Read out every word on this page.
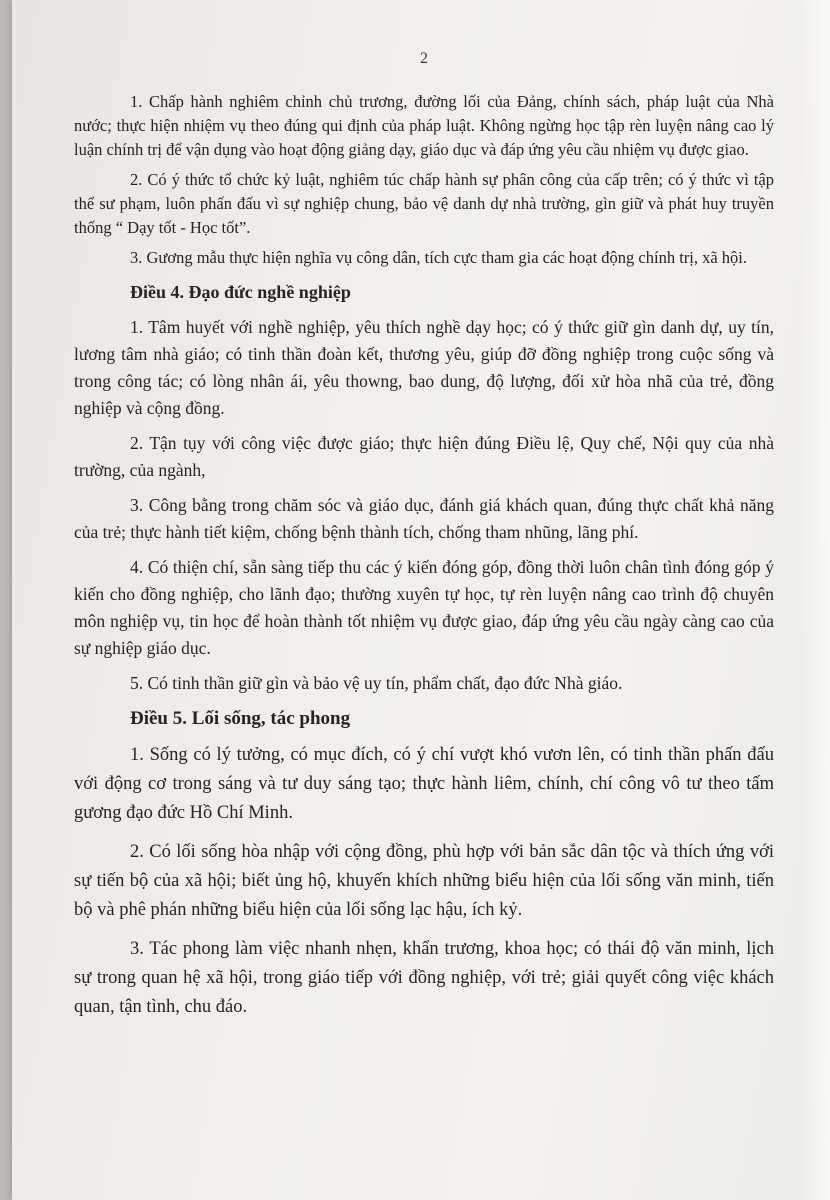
2

1. Chấp hành nghiêm chỉnh chủ trương, đường lối của Đảng, chính sách, pháp luật của Nhà nước; thực hiện nhiệm vụ theo đúng qui định của pháp luật. Không ngừng học tập rèn luyện nâng cao lý luận chính trị để vận dụng vào hoạt động giảng dạy, giáo dục và đáp ứng yêu cầu nhiệm vụ được giao.

2. Có ý thức tổ chức kỷ luật, nghiêm túc chấp hành sự phân công của cấp trên; có ý thức vì tập thể sư phạm, luôn phấn đấu vì sự nghiệp chung, bảo vệ danh dự nhà trường, gìn giữ và phát huy truyền thống “ Dạy tốt - Học tốt”.

3. Gương mẫu thực hiện nghĩa vụ công dân, tích cực tham gia các hoạt động chính trị, xã hội.

Điều 4. Đạo đức nghề nghiệp

1. Tâm huyết với nghề nghiệp, yêu thích nghề dạy học; có ý thức giữ gìn danh dự, uy tín, lương tâm nhà giáo; có tinh thần đoàn kết, thương yêu, giúp đỡ đồng nghiệp trong cuộc sống và trong công tác; có lòng nhân ái, yêu thowng, bao dung, độ lượng, đối xử hòa nhã của trẻ, đồng nghiệp và cộng đồng.

2. Tận tụy với công việc được giáo; thực hiện đúng Điều lệ, Quy chế, Nội quy của nhà trường, của ngành,

3. Công bằng trong chăm sóc và giáo dục, đánh giá khách quan, đúng thực chất khả năng của trẻ; thực hành tiết kiệm, chống bệnh thành tích, chống tham nhũng, lãng phí.

4. Có thiện chí, sẵn sàng tiếp thu các ý kiến đóng góp, đồng thời luôn chân tình đóng góp ý kiến cho đồng nghiệp, cho lãnh đạo; thường xuyên tự học, tự rèn luyện nâng cao trình độ chuyên môn nghiệp vụ, tin học để hoàn thành tốt nhiệm vụ được giao, đáp ứng yêu cầu ngày càng cao của sự nghiệp giáo dục.

5. Có tinh thần giữ gìn và bảo vệ uy tín, phẩm chất, đạo đức Nhà giáo.

Điều 5. Lối sống, tác phong

1. Sống có lý tưởng, có mục đích, có ý chí vượt khó vươn lên, có tinh thần phấn đấu với động cơ trong sáng và tư duy sáng tạo; thực hành liêm, chính, chí công vô tư theo tấm gương đạo đức Hồ Chí Minh.

2. Có lối sống hòa nhập với cộng đồng, phù hợp với bản sắc dân tộc và thích ứng với sự tiến bộ của xã hội; biết ủng hộ, khuyến khích những biểu hiện của lối sống văn minh, tiến bộ và phê phán những biểu hiện của lối sống lạc hậu, ích kỷ.

3. Tác phong làm việc nhanh nhẹn, khẩn trương, khoa học; có thái độ văn minh, lịch sự trong quan hệ xã hội, trong giáo tiếp với đồng nghiệp, với trẻ; giải quyết công việc khách quan, tận tình, chu đáo.
